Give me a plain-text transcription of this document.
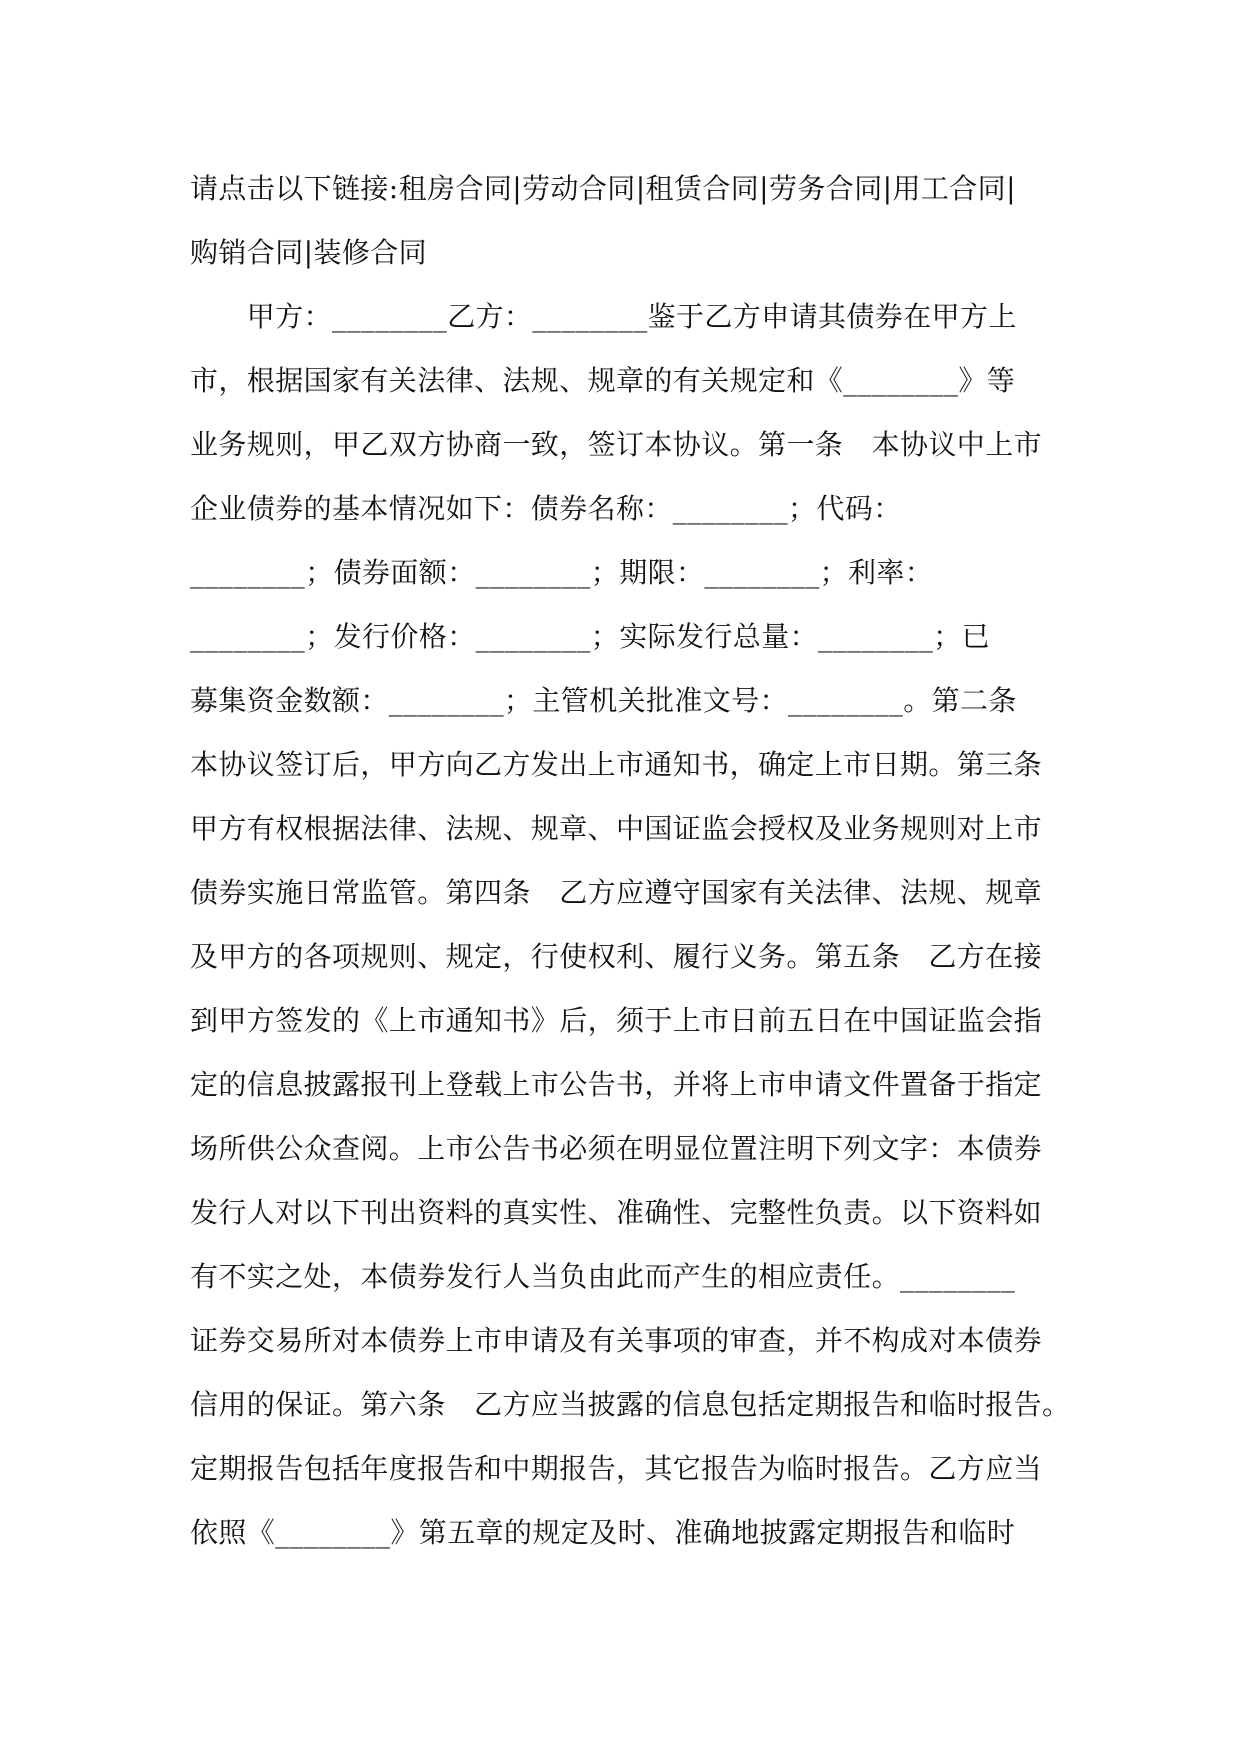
请点击以下链接:租房合同|劳动合同|租赁合同|劳务合同|用工合同|
购销合同|装修合同
　　甲方：________乙方：________鉴于乙方申请其债券在甲方上
市，根据国家有关法律、法规、规章的有关规定和《________》等
业务规则，甲乙双方协商一致，签订本协议。第一条　本协议中上市
企业债券的基本情况如下：债券名称：________；代码：
________；债券面额：________；期限：________；利率：
________；发行价格：________；实际发行总量：________；已
募集资金数额：________；主管机关批准文号：________。第二条
本协议签订后，甲方向乙方发出上市通知书，确定上市日期。第三条
甲方有权根据法律、法规、规章、中国证监会授权及业务规则对上市
债券实施日常监管。第四条　乙方应遵守国家有关法律、法规、规章
及甲方的各项规则、规定，行使权利、履行义务。第五条　乙方在接
到甲方签发的《上市通知书》后，须于上市日前五日在中国证监会指
定的信息披露报刊上登载上市公告书，并将上市申请文件置备于指定
场所供公众查阅。上市公告书必须在明显位置注明下列文字：本债券
发行人对以下刊出资料的真实性、准确性、完整性负责。以下资料如
有不实之处，本债券发行人当负由此而产生的相应责任。________
证券交易所对本债券上市申请及有关事项的审查，并不构成对本债券
信用的保证。第六条　乙方应当披露的信息包括定期报告和临时报告。
定期报告包括年度报告和中期报告，其它报告为临时报告。乙方应当
依照《________》第五章的规定及时、准确地披露定期报告和临时
